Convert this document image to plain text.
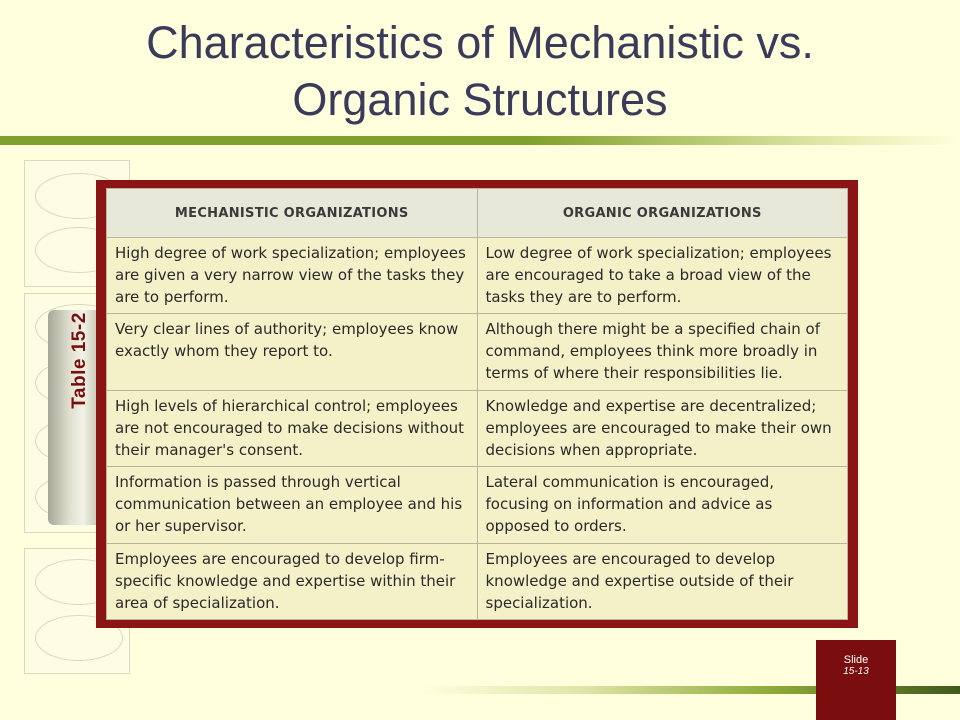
Characteristics of Mechanistic vs.
Organic Structures
Table 15-2
MECHANISTIC ORGANIZATIONS	ORGANIC ORGANIZATIONS
High degree of work specialization; employees are given a very narrow view of the tasks they are to perform.	Low degree of work specialization; employees are encouraged to take a broad view of the tasks they are to perform.
Very clear lines of authority; employees know exactly whom they report to.	Although there might be a specified chain of command, employees think more broadly in terms of where their responsibilities lie.
High levels of hierarchical control; employees are not encouraged to make decisions without their manager's consent.	Knowledge and expertise are decentralized; employees are encouraged to make their own decisions when appropriate.
Information is passed through vertical communication between an employee and his or her supervisor.	Lateral communication is encouraged, focusing on information and advice as opposed to orders.
Employees are encouraged to develop firm-specific knowledge and expertise within their area of specialization.	Employees are encouraged to develop knowledge and expertise outside of their specialization.
Slide
15-13
